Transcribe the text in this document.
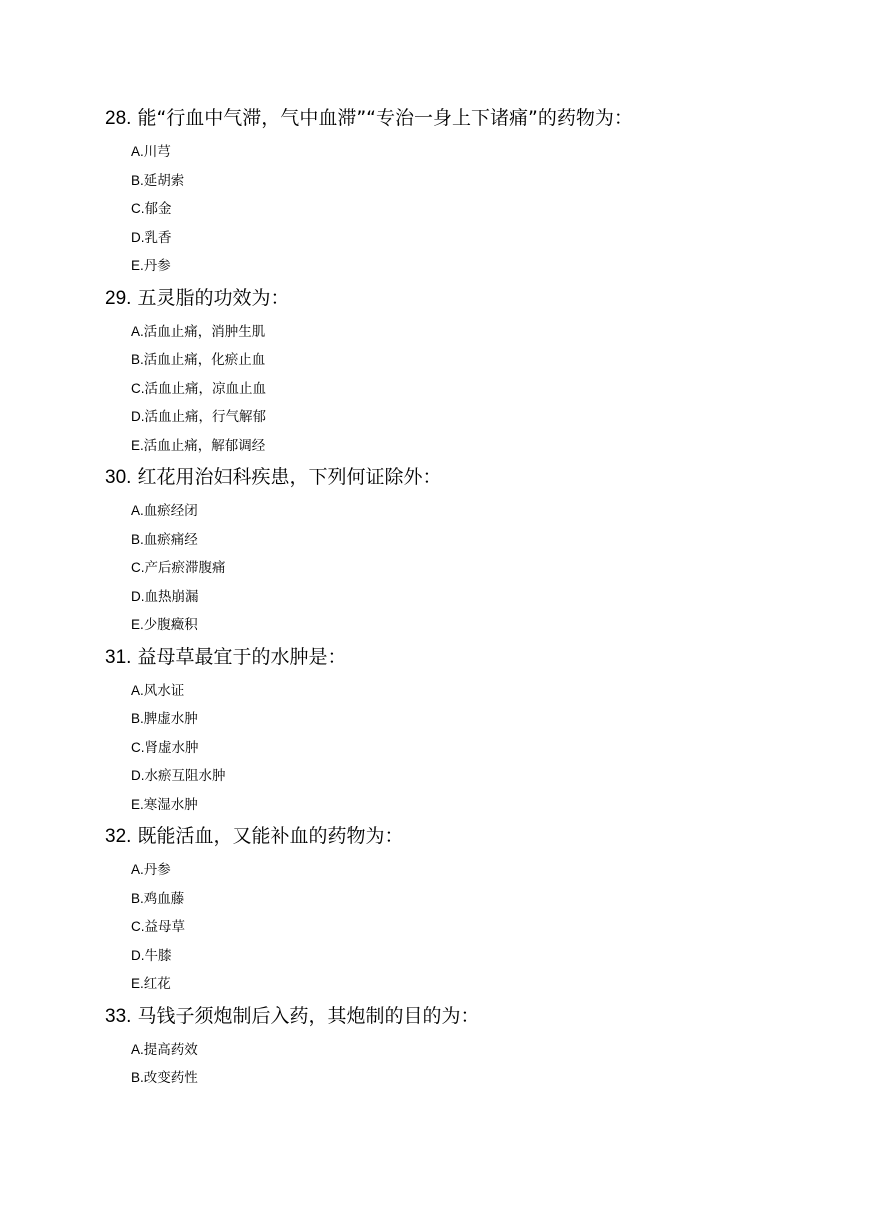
28. 能“行血中气滞，气中血滞”“专治一身上下诸痛”的药物为：
A.川芎
B.延胡索
C.郁金
D.乳香
E.丹参
29. 五灵脂的功效为：
A.活血止痛，消肿生肌
B.活血止痛，化瘀止血
C.活血止痛，凉血止血
D.活血止痛，行气解郁
E.活血止痛，解郁调经
30. 红花用治妇科疾患，下列何证除外：
A.血瘀经闭
B.血瘀痛经
C.产后瘀滞腹痛
D.血热崩漏
E.少腹癥积
31. 益母草最宜于的水肿是：
A.风水证
B.脾虚水肿
C.肾虚水肿
D.水瘀互阻水肿
E.寒湿水肿
32. 既能活血，又能补血的药物为：
A.丹参
B.鸡血藤
C.益母草
D.牛膝
E.红花
33. 马钱子须炮制后入药，其炮制的目的为：
A.提高药效
B.改变药性
